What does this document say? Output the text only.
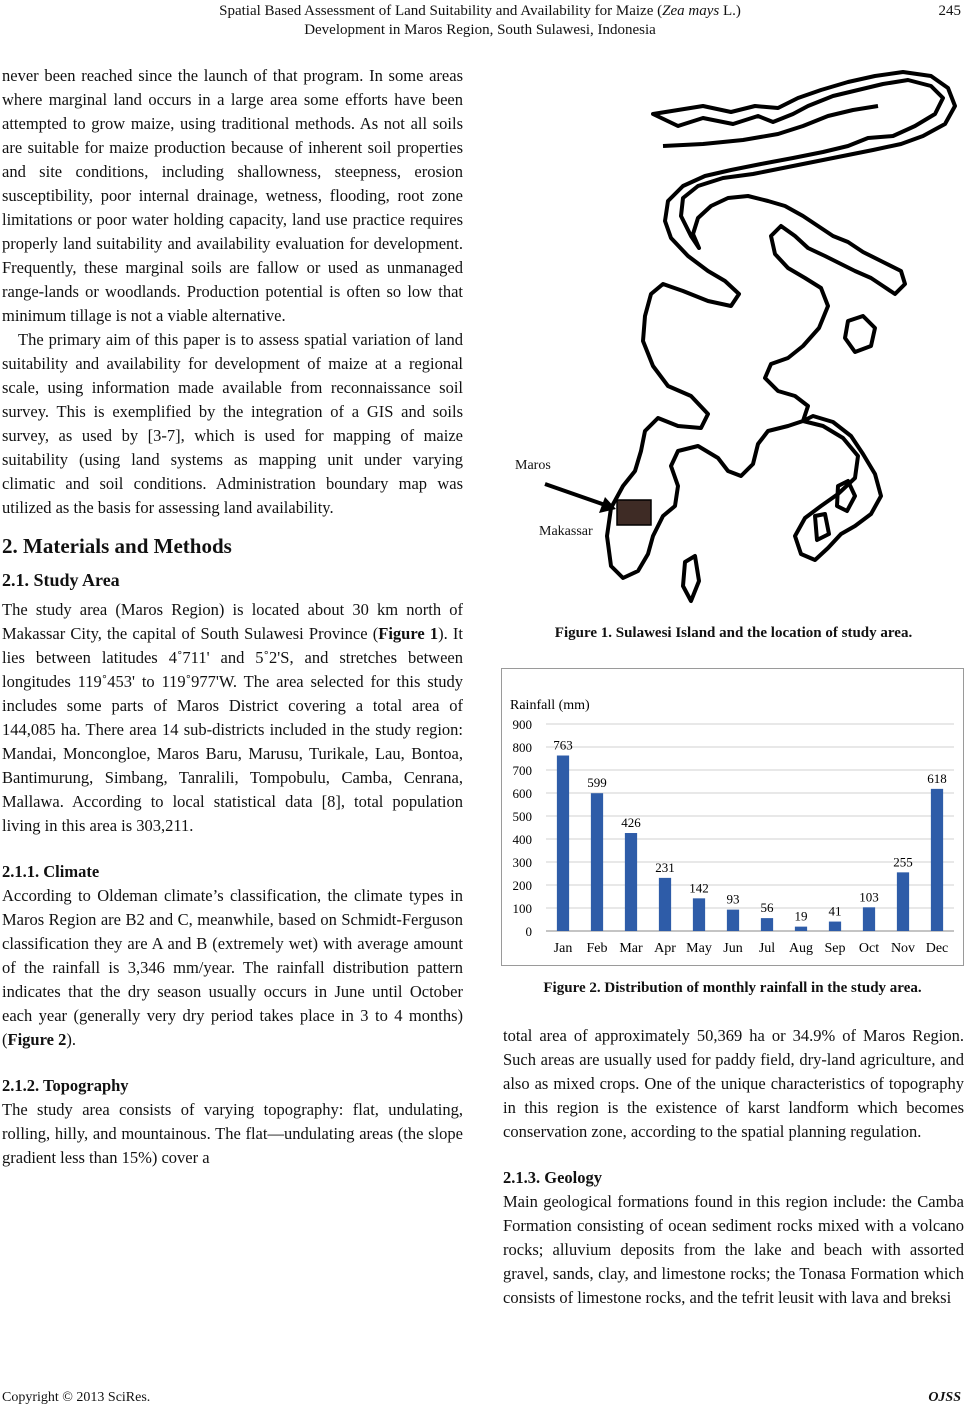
Spatial Based Assessment of Land Suitability and Availability for Maize (Zea mays L.)
Development in Maros Region, South Sulawesi, Indonesia
245

never been reached since the launch of that program. In some areas where marginal land occurs in a large area some efforts have been attempted to grow maize, using traditional methods. As not all soils are suitable for maize production because of inherent soil properties and site conditions, including shallowness, steepness, erosion susceptibility, poor internal drainage, wetness, flooding, root zone limitations or poor water holding capacity, land use practice requires properly land suitability and availability evaluation for development. Frequently, these marginal soils are fallow or used as unmanaged range-lands or woodlands. Production potential is often so low that minimum tillage is not a viable alternative.

The primary aim of this paper is to assess spatial variation of land suitability and availability for development of maize at a regional scale, using information made available from reconnaissance soil survey. This is exemplified by the integration of a GIS and soils survey, as used by [3-7], which is used for mapping of maize suitability (using land systems as mapping unit under varying climatic and soil conditions. Administration boundary map was utilized as the basis for assessing land availability.

2. Materials and Methods

2.1. Study Area

The study area (Maros Region) is located about 30 km north of Makassar City, the capital of South Sulawesi Province (Figure 1). It lies between latitudes 4˚711' and 5˚2'S, and stretches between longitudes 119˚453' to 119˚977'W. The area selected for this study includes some parts of Maros District covering a total area of 144,085 ha. There area 14 sub-districts included in the study region: Mandai, Moncongloe, Maros Baru, Marusu, Turikale, Lau, Bontoa, Bantimurung, Simbang, Tanralili, Tompobulu, Camba, Cenrana, Mallawa. According to local statistical data [8], total population living in this area is 303,211.

2.1.1. Climate

According to Oldeman climate’s classification, the climate types in Maros Region are B2 and C, meanwhile, based on Schmidt-Ferguson classification they are A and B (extremely wet) with average amount of the rainfall is 3,346 mm/year. The rainfall distribution pattern indicates that the dry season usually occurs in June until October each year (generally very dry period takes place in 3 to 4 months) (Figure 2).

2.1.2. Topography

The study area consists of varying topography: flat, undulating, rolling, hilly, and mountainous. The flat—undulating areas (the slope gradient less than 15%) cover a

Maros
Makassar
Figure 1. Sulawesi Island and the location of study area.
Rainfall (mm)
0
100
200
300
400
500
600
700
800
900
763
Jan
599
Feb
426
Mar
231
Apr
142
May
93
Jun
56
Jul
19
Aug
41
Sep
103
Oct
255
Nov
618
Dec
Figure 2. Distribution of monthly rainfall in the study area.

total area of approximately 50,369 ha or 34.9% of Maros Region. Such areas are usually used for paddy field, dry-land agriculture, and also as mixed crops. One of the unique characteristics of topography in this region is the existence of karst landform which becomes conservation zone, according to the spatial planning regulation.

2.1.3. Geology

Main geological formations found in this region include: the Camba Formation consisting of ocean sediment rocks mixed with a volcano rocks; alluvium deposits from the lake and beach with assorted gravel, sands, clay, and limestone rocks; the Tonasa Formation which consists of limestone rocks, and the tefrit leusit with lava and breksi

Copyright © 2013 SciRes.	OJSS
